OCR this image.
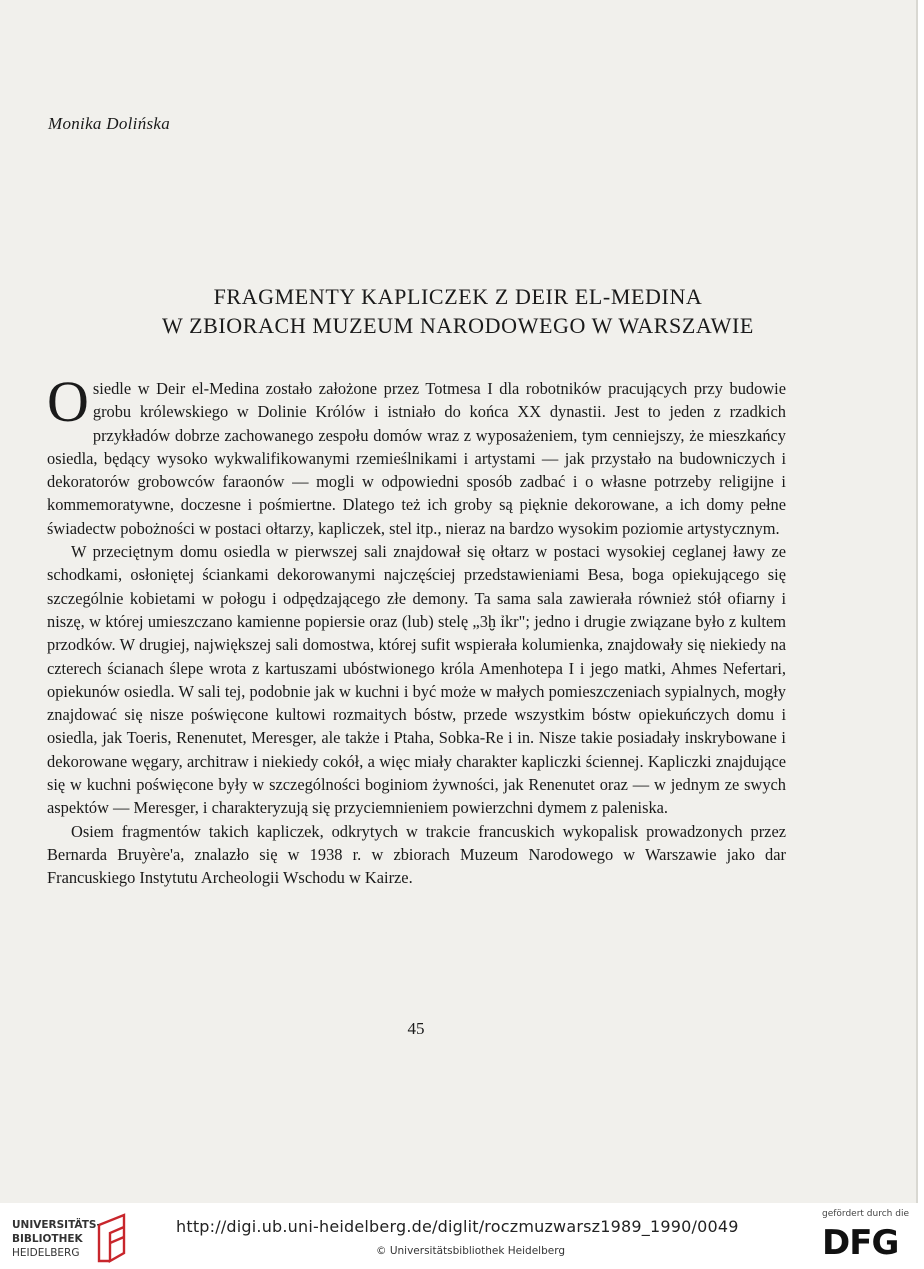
Monika Dolińska
FRAGMENTY KAPLICZEK Z DEIR EL-MEDINA
W ZBIORACH MUZEUM NARODOWEGO W WARSZAWIE

Osiedle w Deir el-Medina zostało założone przez Totmesa I dla robotników pracujących przy budowie grobu królewskiego w Dolinie Królów i istniało do końca XX dynastii. Jest to jeden z rzadkich przykładów dobrze zachowanego zespołu domów wraz z wyposażeniem, tym cenniejszy, że mieszkańcy osiedla, będący wysoko wykwalifikowanymi rzemieślnikami i artystami — jak przystało na budowniczych i dekoratorów grobowców faraonów — mogli w odpowiedni sposób zadbać i o własne potrzeby religijne i kommemoratywne, doczesne i pośmiertne. Dlatego też ich groby są pięknie dekorowane, a ich domy pełne świadectw pobożności w postaci ołtarzy, kapliczek, stel itp., nieraz na bardzo wysokim poziomie artystycznym.

W przeciętnym domu osiedla w pierwszej sali znajdował się ołtarz w postaci wysokiej ceglanej ławy ze schodkami, osłoniętej ściankami dekorowanymi najczęściej przedstawieniami Besa, boga opiekującego się szczególnie kobietami w połogu i odpędzającego złe demony. Ta sama sala zawierała również stół ofiarny i niszę, w której umieszczano kamienne popiersie oraz (lub) stelę „3ḫ ỉkr"; jedno i drugie związane było z kultem przodków. W drugiej, największej sali domostwa, której sufit wspierała kolumienka, znajdowały się niekiedy na czterech ścianach ślepe wrota z kartuszami ubóstwionego króla Amenhotepa I i jego matki, Ahmes Nefertari, opiekunów osiedla. W sali tej, podobnie jak w kuchni i być może w małych pomieszczeniach sypialnych, mogły znajdować się nisze poświęcone kultowi rozmaitych bóstw, przede wszystkim bóstw opiekuńczych domu i osiedla, jak Toeris, Renenutet, Meresger, ale także i Ptaha, Sobka-Re i in. Nisze takie posiadały inskrybowane i dekorowane węgary, architraw i niekiedy cokół, a więc miały charakter kapliczki ściennej. Kapliczki znajdujące się w kuchni poświęcone były w szczególności boginiom żywności, jak Renenutet oraz — w jednym ze swych aspektów — Meresger, i charakteryzują się przyciemnieniem powierzchni dymem z paleniska.

Osiem fragmentów takich kapliczek, odkrytych w trakcie francuskich wykopalisk prowadzonych przez Bernarda Bruyère'a, znalazło się w 1938 r. w zbiorach Muzeum Narodowego w Warszawie jako dar Francuskiego Instytutu Archeologii Wschodu w Kairze.

45
UNIVERSITÄTS-
BIBLIOTHEK
HEIDELBERG
http://digi.ub.uni-heidelberg.de/diglit/roczmuzwarsz1989_1990/0049
© Universitätsbibliothek Heidelberg
gefördert durch die
DFG
